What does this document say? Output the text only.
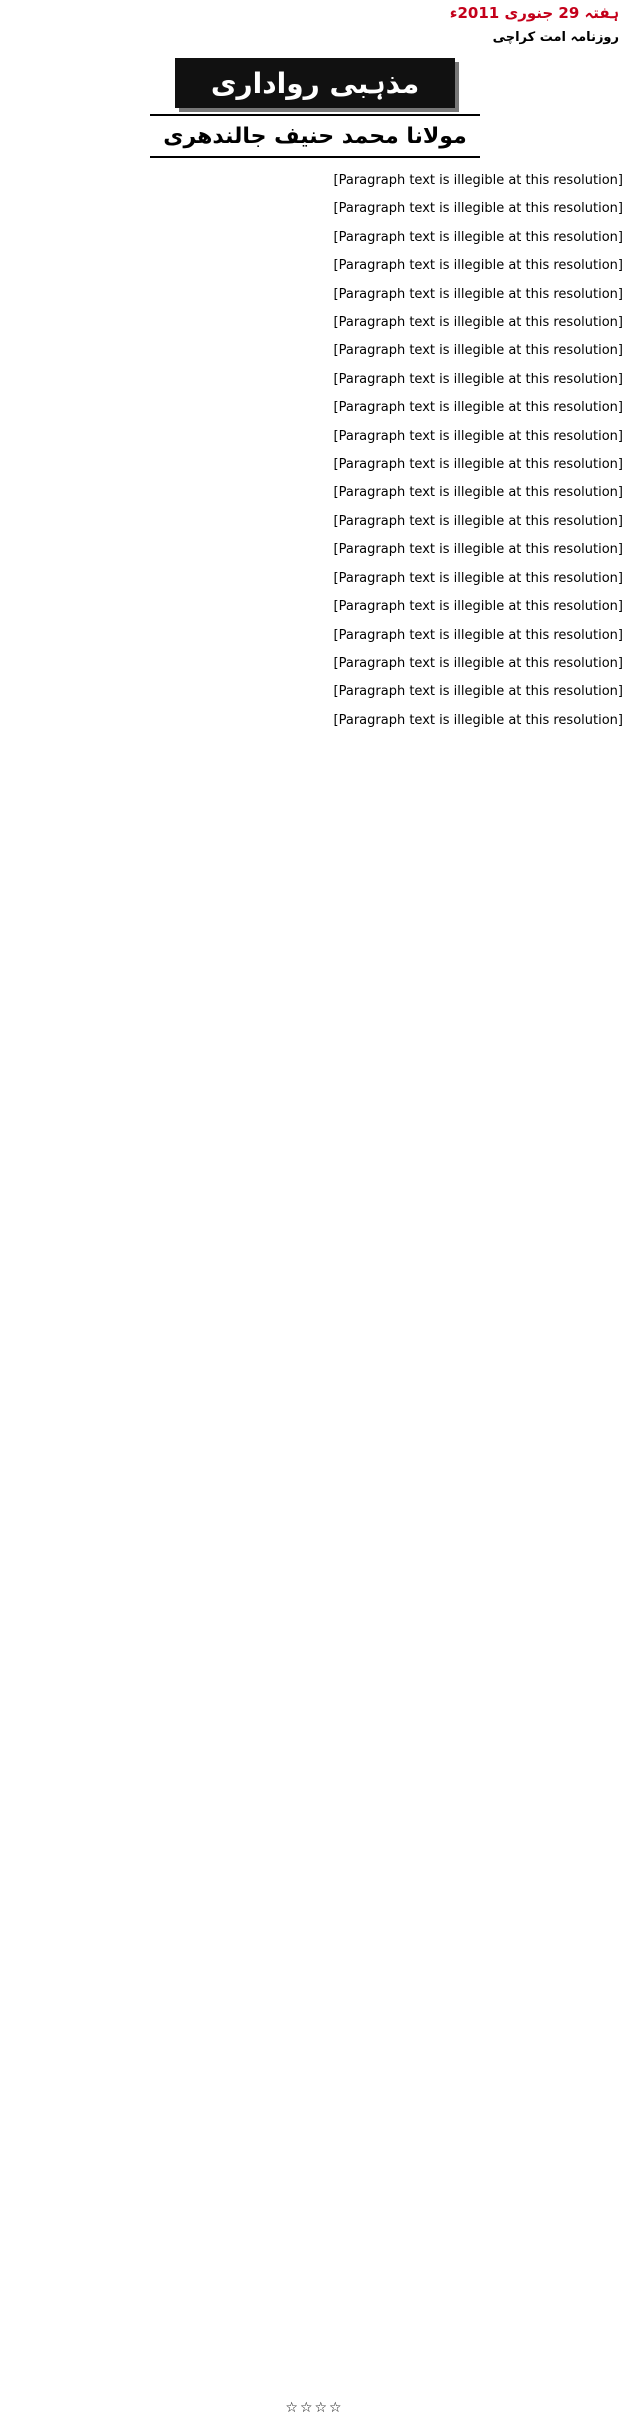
ہفتہ 29 جنوری 2011ء
روزنامہ امت کراچی
مذہبی رواداری
مولانا محمد حنیف جالندھری

[Paragraph text is illegible at this resolution]

[Paragraph text is illegible at this resolution]

[Paragraph text is illegible at this resolution]

[Paragraph text is illegible at this resolution]

[Paragraph text is illegible at this resolution]

[Paragraph text is illegible at this resolution]

[Paragraph text is illegible at this resolution]

[Paragraph text is illegible at this resolution]

[Paragraph text is illegible at this resolution]

[Paragraph text is illegible at this resolution]

[Paragraph text is illegible at this resolution]

[Paragraph text is illegible at this resolution]

[Paragraph text is illegible at this resolution]

[Paragraph text is illegible at this resolution]

[Paragraph text is illegible at this resolution]

[Paragraph text is illegible at this resolution]

[Paragraph text is illegible at this resolution]

[Paragraph text is illegible at this resolution]

[Paragraph text is illegible at this resolution]

[Paragraph text is illegible at this resolution]

☆☆☆☆
